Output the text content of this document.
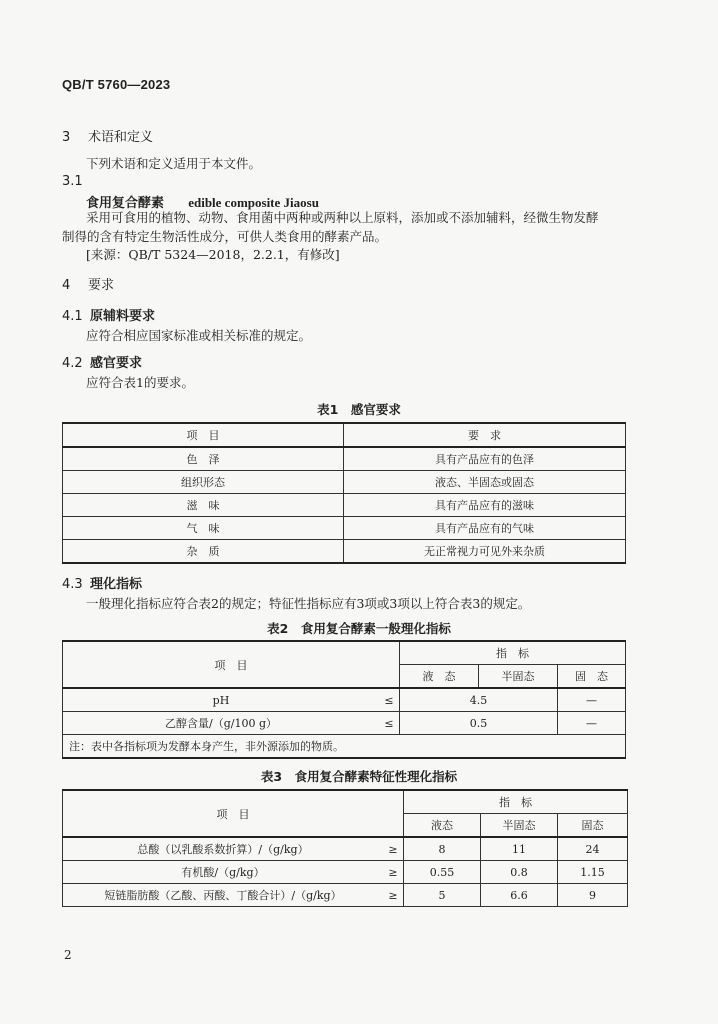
QB/T 5760—2023
3 术语和定义
下列术语和定义适用于本文件。
3.1
食用复合酵素 edible composite Jiaosu
采用可食用的植物、动物、食用菌中两种或两种以上原料，添加或不添加辅料，经微生物发酵
制得的含有特定生物活性成分，可供人类食用的酵素产品。
[来源：QB/T 5324—2018，2.2.1，有修改]
4 要求
4.1 原辅料要求
应符合相应国家标准或相关标准的规定。
4.2 感官要求
应符合表1的要求。
表1　感官要求
项　目	要　求
色　泽	具有产品应有的色泽
组织形态	液态、半固态或固态
滋　味	具有产品应有的滋味
气　味	具有产品应有的气味
杂　质	无正常视力可见外来杂质
4.3 理化指标
一般理化指标应符合表2的规定；特征性指标应有3项或3项以上符合表3的规定。
表2　食用复合酵素一般理化指标
项　目		指　标		
		液　态	半固态	固　态
pH	≤	4.5		—
乙醇含量/（g/100 g）	≤	0.5		—
注：表中各指标项为发酵本身产生，非外源添加的物质。				
表3　食用复合酵素特征性理化指标
项　目		指　标		
		液态	半固态	固态
总酸（以乳酸系数折算）/（g/kg）	≥	8	11	24
有机酸/（g/kg）	≥	0.55	0.8	1.15
短链脂肪酸（乙酸、丙酸、丁酸合计）/（g/kg）	≥	5	6.6	9
2
